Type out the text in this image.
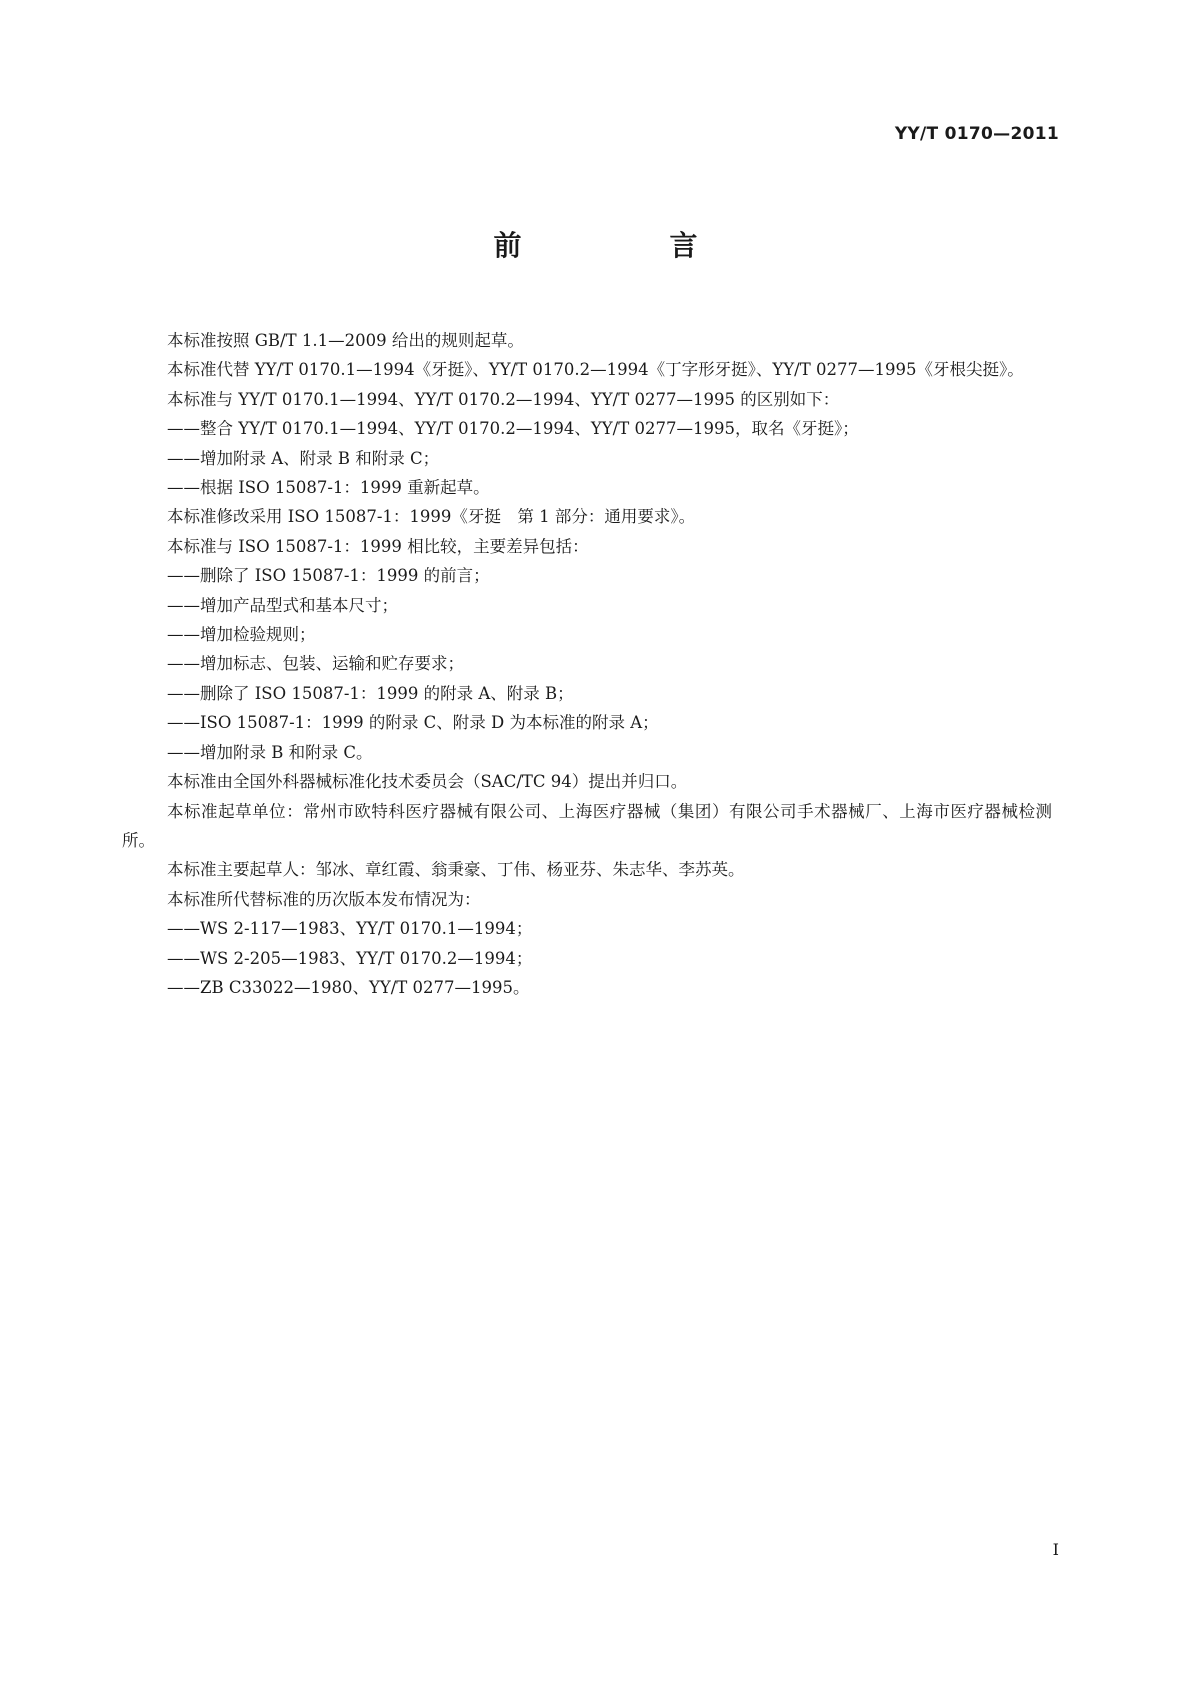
YY/T 0170—2011
前　言

本标准按照 GB/T 1.1—2009 给出的规则起草。

本标准代替 YY/T 0170.1—1994《牙挺》、YY/T 0170.2—1994《丁字形牙挺》、YY/T 0277—1995《牙根尖挺》。

本标准与 YY/T 0170.1—1994、YY/T 0170.2—1994、YY/T 0277—1995 的区别如下：

——整合 YY/T 0170.1—1994、YY/T 0170.2—1994、YY/T 0277—1995，取名《牙挺》；

——增加附录 A、附录 B 和附录 C；

——根据 ISO 15087-1：1999 重新起草。

本标准修改采用 ISO 15087-1：1999《牙挺　第 1 部分：通用要求》。

本标准与 ISO 15087-1：1999 相比较，主要差异包括：

——删除了 ISO 15087-1：1999 的前言；

——增加产品型式和基本尺寸；

——增加检验规则；

——增加标志、包装、运输和贮存要求；

——删除了 ISO 15087-1：1999 的附录 A、附录 B；

——ISO 15087-1：1999 的附录 C、附录 D 为本标准的附录 A；

——增加附录 B 和附录 C。

本标准由全国外科器械标准化技术委员会（SAC/TC 94）提出并归口。

本标准起草单位：常州市欧特科医疗器械有限公司、上海医疗器械（集团）有限公司手术器械厂、上海市医疗器械检测所。

本标准主要起草人：邹冰、章红霞、翁秉豪、丁伟、杨亚芬、朱志华、李苏英。

本标准所代替标准的历次版本发布情况为：

——WS 2-117—1983、YY/T 0170.1—1994；

——WS 2-205—1983、YY/T 0170.2—1994；

——ZB C33022—1980、YY/T 0277—1995。

I
